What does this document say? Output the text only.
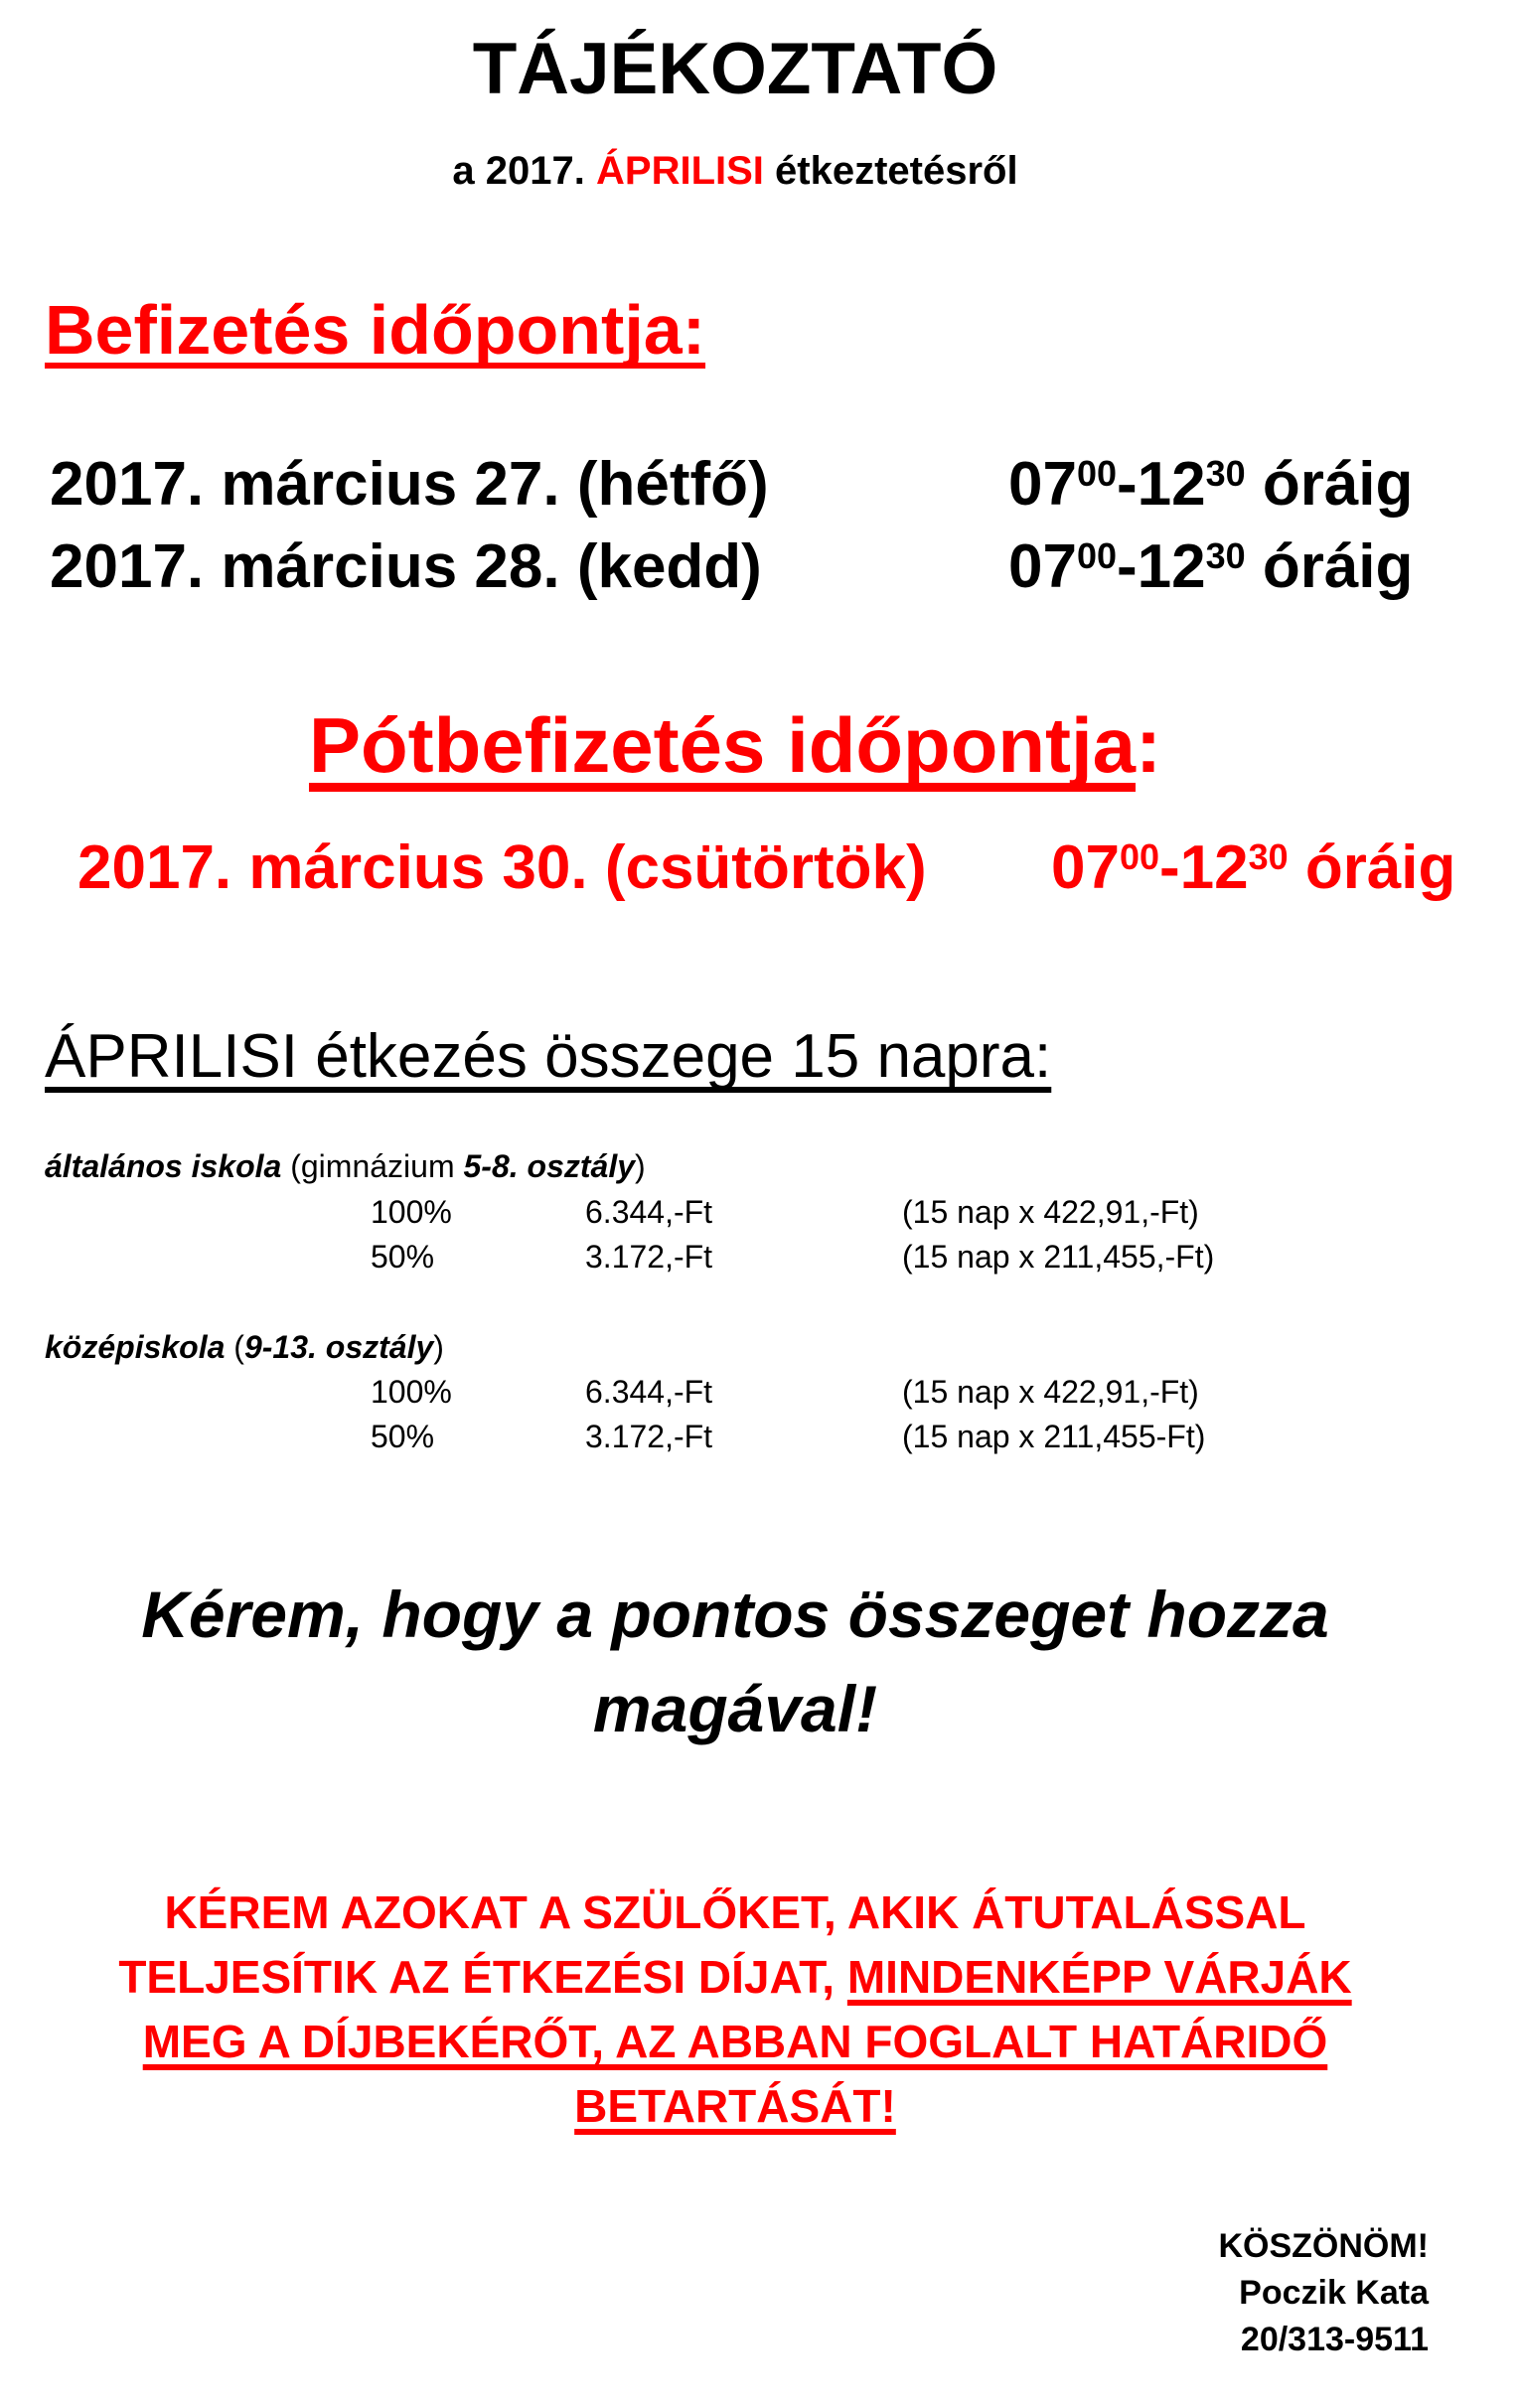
TÁJÉKOZTATÓ
a 2017. ÁPRILISI étkeztetésről
Befizetés időpontja:
2017. március 27. (hétfő)	$07^{00}-12^{30}$ óráig
2017. március 28. (kedd)	$07^{00}-12^{30}$ óráig
Pótbefizetés időpontja:
2017. március 30. (csütörtök) $07^{00}-12^{30}$ óráig
ÁPRILISI étkezés összege 15 napra:
általános iskola (gimnázium 5-8. osztály)
100%	6.344,-Ft	(15 nap x 422,91,-Ft)
50%	3.172,-Ft	(15 nap x 211,455,-Ft)
középiskola (9-13. osztály)
100%	6.344,-Ft	(15 nap x 422,91,-Ft)
50%	3.172,-Ft	(15 nap x 211,455-Ft)
Kérem, hogy a pontos összeget hozza
magával!
KÉREM AZOKAT A SZÜLŐKET, AKIK ÁTUTALÁSSAL
TELJESÍTIK AZ ÉTKEZÉSI DÍJAT, MINDENKÉPP VÁRJÁK
MEG A DÍJBEKÉRŐT, AZ ABBAN FOGLALT HATÁRIDŐ
BETARTÁSÁT!
KÖSZÖNÖM!
Poczik Kata
20/313-9511
